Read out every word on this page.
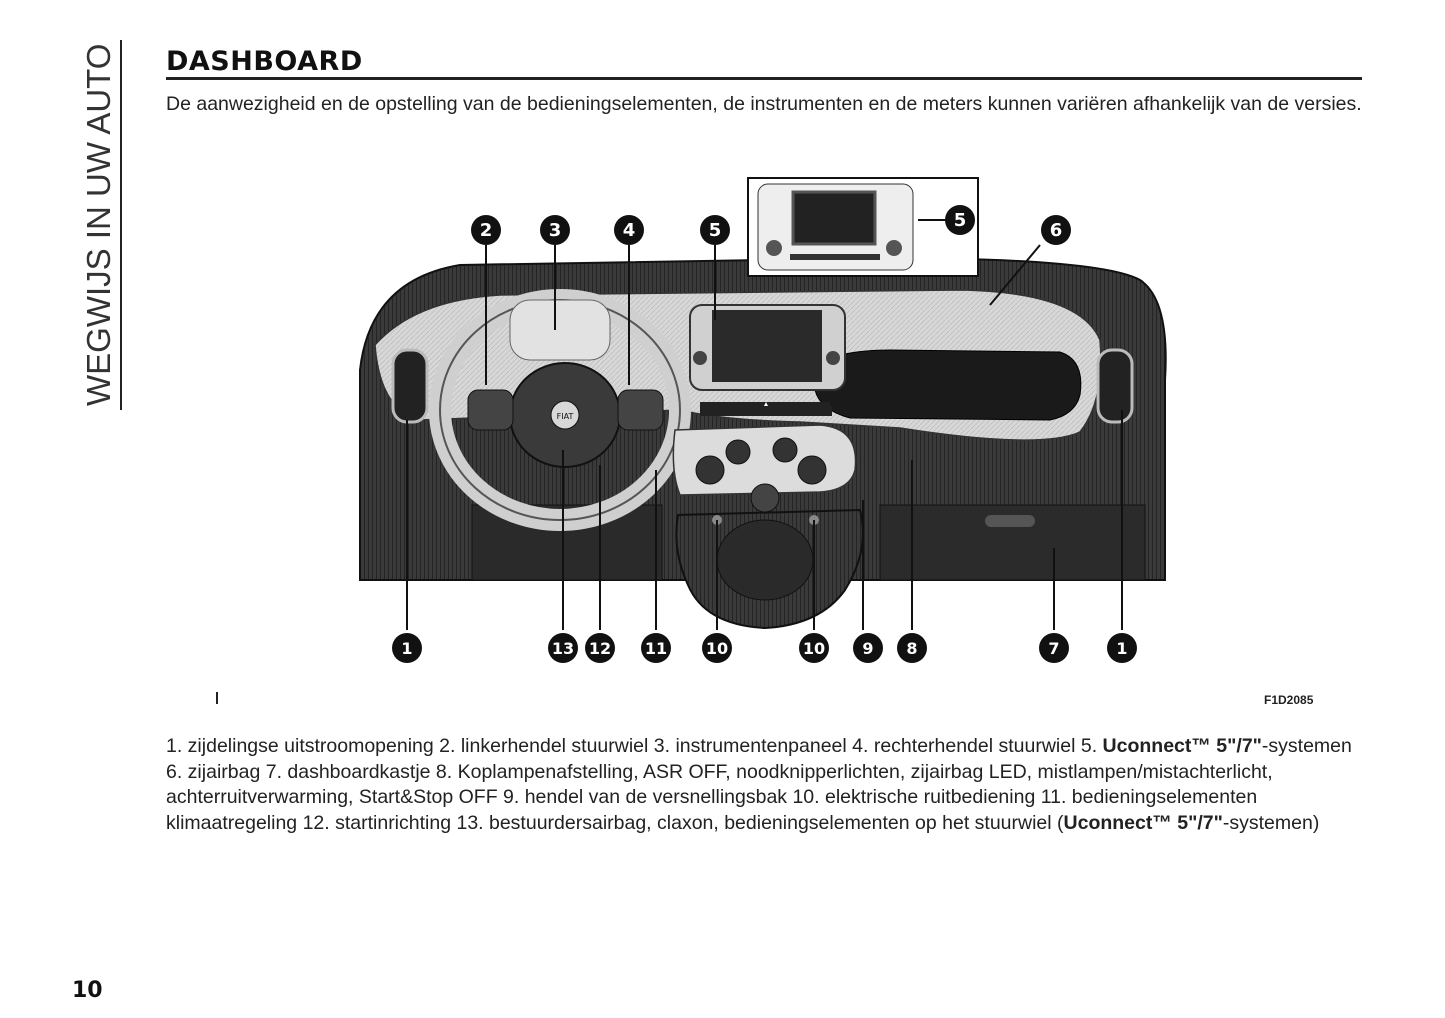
WEGWIJS IN UW AUTO DASHBOARD
De aanwezigheid en de opstelling van de bedieningselementen, de instrumenten en de meters kunnen variëren afhankelijk van de versies.
FIAT
2	3	4	5	5	6
1	13 12 11 10	10 9 8	7	1
F1D2085
1. zijdelingse uitstroomopening 2. linkerhendel stuurwiel 3. instrumentenpaneel 4. rechterhendel stuurwiel 5. Uconnect™ 5"/7"-systemen 6. zijairbag 7. dashboardkastje 8. Koplampenafstelling, ASR OFF, noodknipperlichten, zijairbag LED, mistlampen/mistachterlicht, achterruitverwarming, Start&Stop OFF 9. hendel van de versnellingsbak 10. elektrische ruitbediening 11. bedieningselementen klimaatregeling 12. startinrichting 13. bestuurdersairbag, claxon, bedieningselementen op het stuurwiel (Uconnect™ 5"/7"-systemen)
10
